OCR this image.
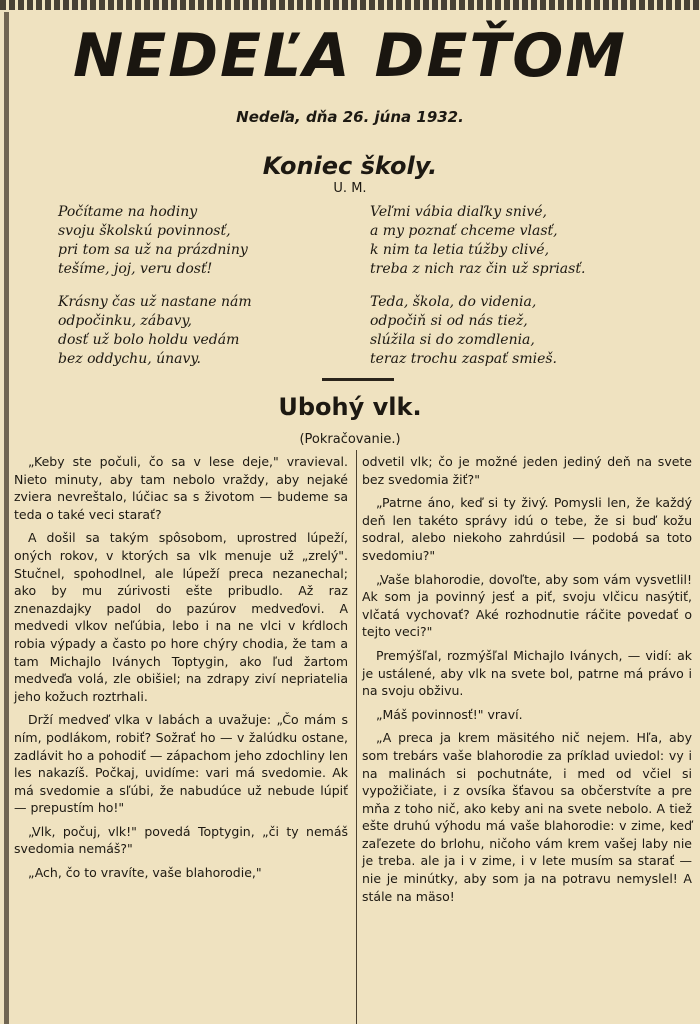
NEDEĽA DEŤOM
Nedeľa, dňa 26. júna 1932.
Koniec školy.
U. M.
Počítame na hodiny
svoju školskú povinnosť,
pri tom sa už na prázdniny
tešíme, joj, veru dosť!
Krásny čas už nastane nám
odpočinku, zábavy,
dosť už bolo holdu vedám
bez oddychu, únavy.
Veľmi vábia diaľky snivé,
a my poznať chceme vlasť,
k nim ta letia túžby clivé,
treba z nich raz čin už spriasť.
Teda, škola, do videnia,
odpočiň si od nás tiež,
slúžila si do zomdlenia,
teraz trochu zaspať smieš.
Ubohý vlk.
(Pokračovanie.)

„Keby ste počuli, čo sa v lese deje," vravieval. Nieto minuty, aby tam nebolo vraždy, aby nejaké zviera nevreštalo, lúčiac sa s životom — budeme sa teda o také veci starať?

A došil sa takým spôsobom, uprostred lúpeží, oných rokov, v ktorých sa vlk menuje už „zrelý". Stučnel, spohodlnel, ale lúpeží preca nezanechal; ako by mu zúrivosti ešte pribudlo. Až raz znenazdajky padol do pazúrov medveďovi. A medvedi vlkov neľúbia, lebo i na ne vlci v kŕdloch robia výpady a často po hore chýry chodia, že tam a tam Michajlo Iványch Toptygin, ako ľud žartom medveďa volá, zle obišiel; na zdrapy ziví nepriatelia jeho kožuch roztrhali.

Drží medveď vlka v labách a uvažuje: „Čo mám s ním, podlákom, robiť? Sožrať ho — v žalúdku ostane, zadlávit ho a pohodiť — zápachom jeho zdochliny len les nakazíš. Počkaj, uvidíme: vari má svedomie. Ak má svedomie a sľúbi, že nabudúce už nebude lúpiť — prepustím ho!"

„Vlk, počuj, vlk!" povedá Toptygin, „či ty nemáš svedomia nemáš?"

„Ach, čo to vravíte, vaše blahorodie,"

odvetil vlk; čo je možné jeden jediný deň na svete bez svedomia žiť?"

„Patrne áno, keď si ty živý. Pomysli len, že každý deň len takéto správy idú o tebe, že si buď kožu sodral, alebo niekoho zahrdúsil — podobá sa toto svedomiu?"

„Vaše blahorodie, dovoľte, aby som vám vysvetlil! Ak som ja povinný jesť a piť, svoju vlčicu nasýtiť, vlčatá vychovať? Aké rozhodnutie ráčite povedať o tejto veci?"

Premýšľal, rozmýšľal Michajlo Iványch, — vidí: ak je ustálené, aby vlk na svete bol, patrne má právo i na svoju obživu.

„Máš povinnosť!" vraví.

„A preca ja krem mäsitého nič nejem. Hľa, aby som trebárs vaše blahorodie za príklad uviedol: vy i na malinách si pochutnáte, i med od včiel si vypožičiate, i z ovsíka šťavou sa občerstvíte a pre mňa z toho nič, ako keby ani na svete nebolo. A tiež ešte druhú výhodu má vaše blahorodie: v zime, keď zaľezete do brlohu, ničoho vám krem vašej laby nie je treba. ale ja i v zime, i v lete musím sa starať — nie je minútky, aby som ja na potravu nemyslel! A stále na mäso!
